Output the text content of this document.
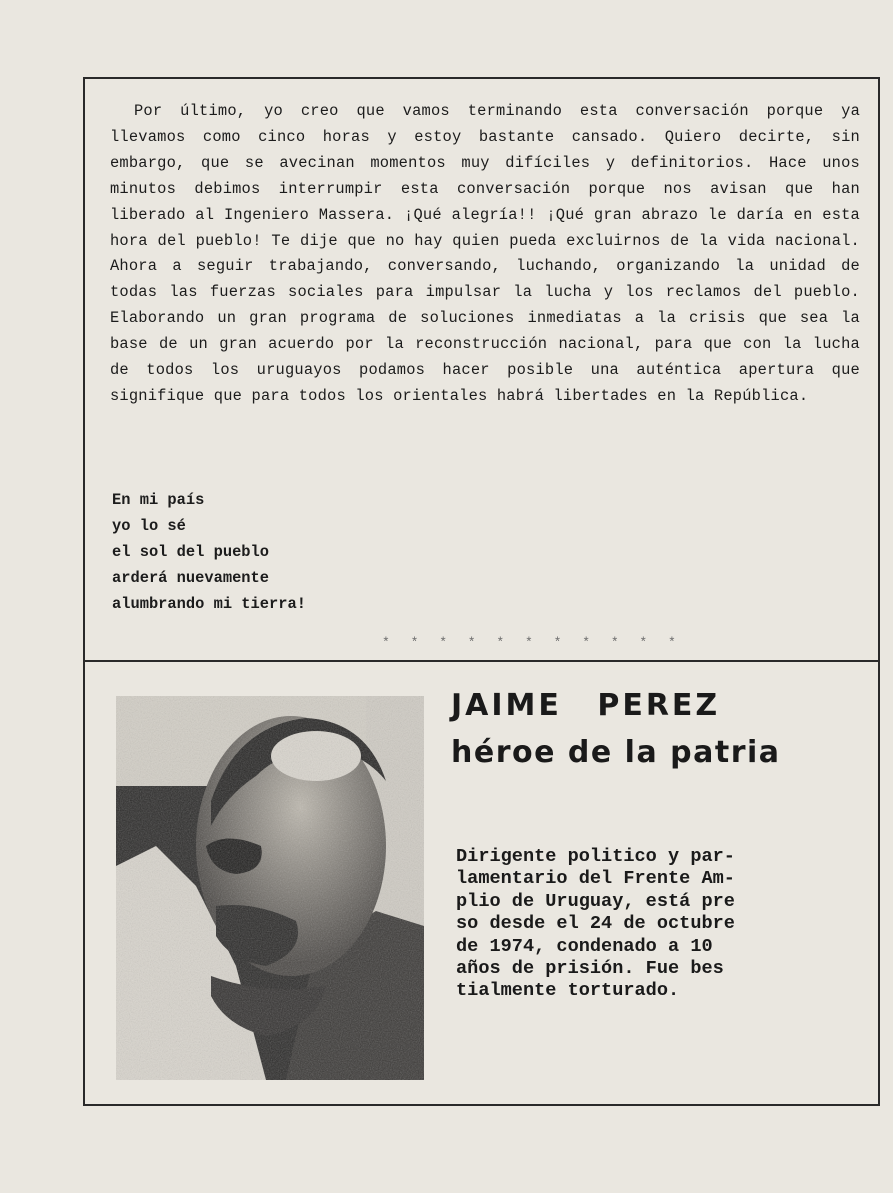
Por último, yo creo que vamos terminando esta conversación porque ya llevamos como cinco horas y estoy bastante cansado. Quiero decirte, sin embargo, que se avecinan momentos muy difíciles y definitorios. Hace unos minutos debimos interrumpir esta conversación porque nos avisan que han liberado al Ingeniero Massera. ¡Qué alegría!! ¡Qué gran abrazo le daría en esta hora del pueblo! Te dije que no hay quien pueda excluirnos de la vida nacional. Ahora a seguir trabajando, conversando, luchando, organizando la unidad de todas las fuerzas sociales para impulsar la lucha y los reclamos del pueblo. Elaborando un gran programa de soluciones inmediatas a la crisis que sea la base de un gran acuerdo por la reconstrucción nacional, para que con la lucha de todos los uruguayos podamos hacer posible una auténtica apertura que signifique que para todos los orientales habrá libertades en la República.

En mi país
yo lo sé
el sol del pueblo
arderá nuevamente
alumbrando mi tierra!
* * * * * * * * * * *
JAIME PEREZ
héroe de la patria
Dirigente politico y par-
lamentario del Frente Am-
plio de Uruguay, está pre
so desde el 24 de octubre
de 1974, condenado a 10
años de prisión. Fue bes
tialmente torturado.
